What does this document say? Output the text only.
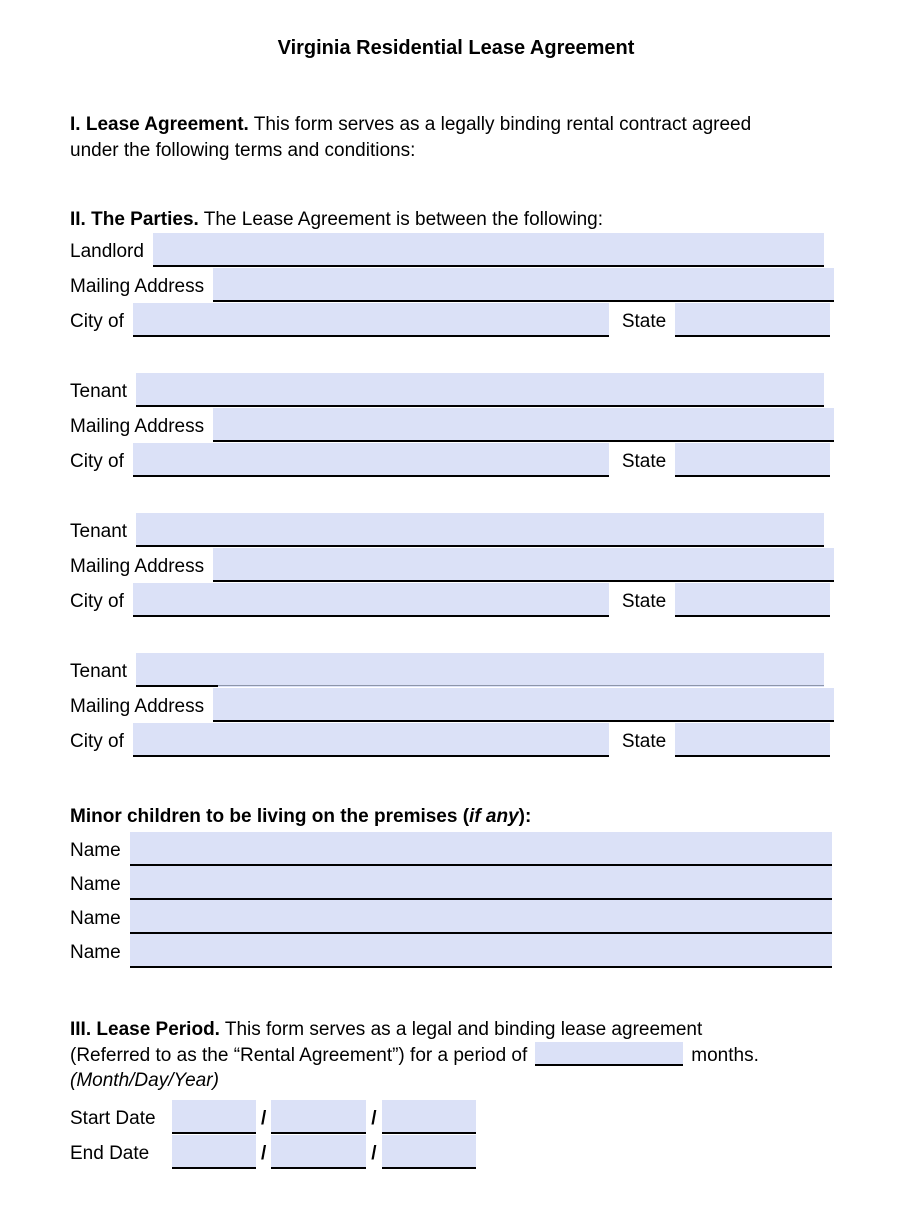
Virginia Residential Lease Agreement

I. Lease Agreement. This form serves as a legally binding rental contract agreed
under the following terms and conditions:

II. The Parties. The Lease Agreement is between the following:

Landlord
Mailing Address
City of	State
Tenant
Mailing Address
City of	State
Tenant
Mailing Address
City of	State
Tenant
Mailing Address
City of	State

Minor children to be living on the premises (if any):

Name
Name
Name
Name

III. Lease Period. This form serves as a legal and binding lease agreement
(Referred to as the “Rental Agreement”) for a period of	months.

(Month/Day/Year)

Start Date	/	/
End Date	/	/
